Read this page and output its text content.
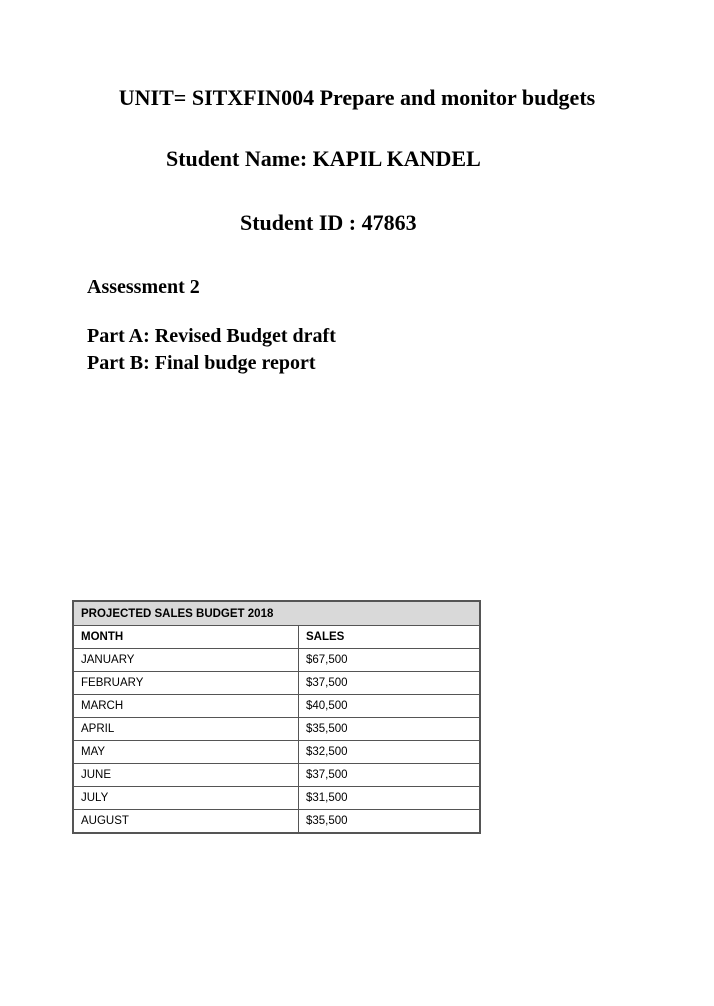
UNIT= SITXFIN004 Prepare and monitor budgets
Student Name: KAPIL KANDEL
Student ID : 47863
Assessment 2
Part A: Revised Budget draft
Part B: Final budge report
PROJECTED SALES BUDGET 2018	
MONTH	SALES
JANUARY	$67,500
FEBRUARY	$37,500
MARCH	$40,500
APRIL	$35,500
MAY	$32,500
JUNE	$37,500
JULY	$31,500
AUGUST	$35,500
